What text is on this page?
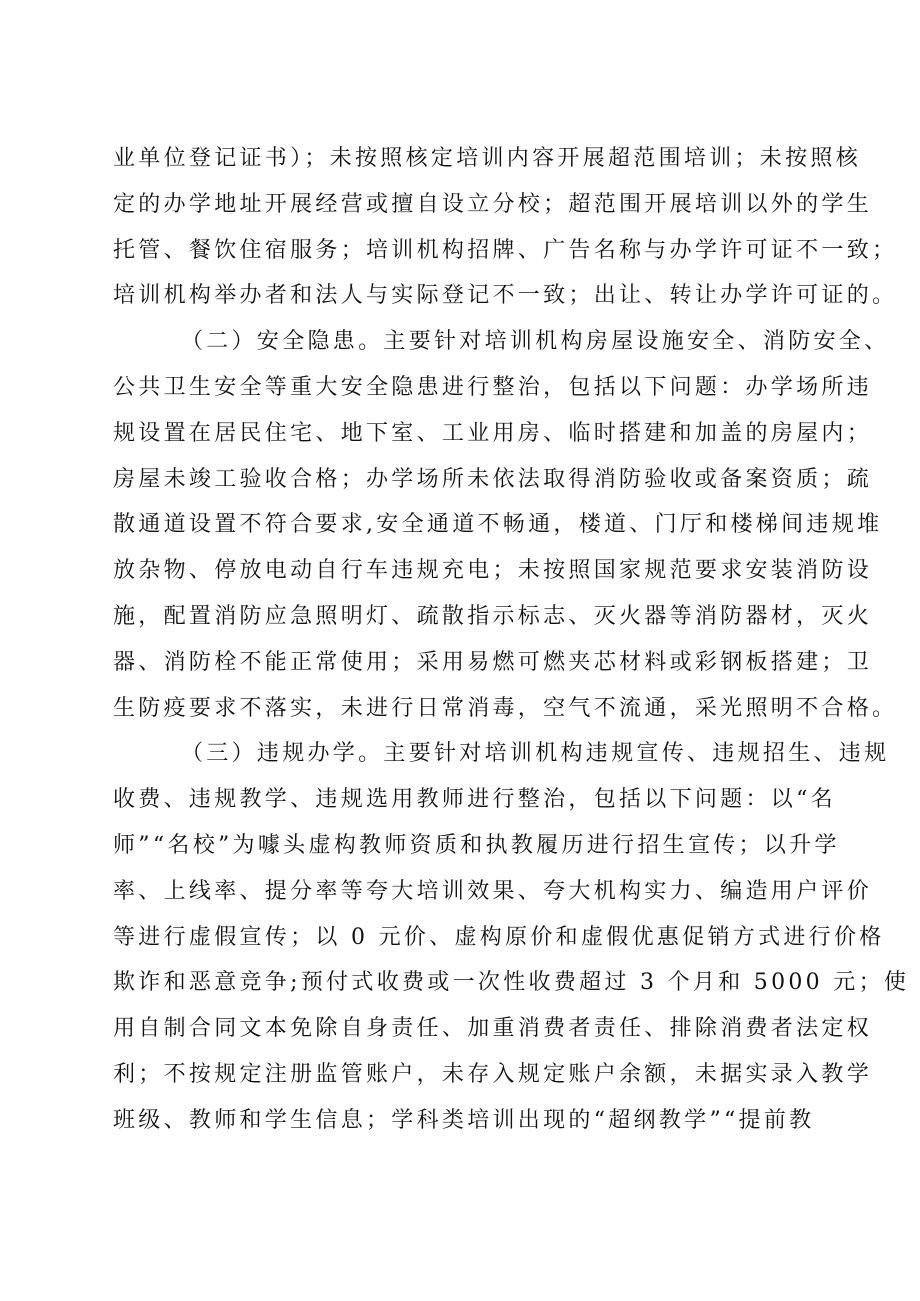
业单位登记证书）；未按照核定培训内容开展超范围培训；未按照核
定的办学地址开展经营或擅自设立分校；超范围开展培训以外的学生
托管、餐饮住宿服务；培训机构招牌、广告名称与办学许可证不一致；
培训机构举办者和法人与实际登记不一致；出让、转让办学许可证的。
（二）安全隐患。主要针对培训机构房屋设施安全、消防安全、
公共卫生安全等重大安全隐患进行整治，包括以下问题：办学场所违
规设置在居民住宅、地下室、工业用房、临时搭建和加盖的房屋内；
房屋未竣工验收合格；办学场所未依法取得消防验收或备案资质；疏
散通道设置不符合要求,安全通道不畅通，楼道、门厅和楼梯间违规堆
放杂物、停放电动自行车违规充电；未按照国家规范要求安装消防设
施，配置消防应急照明灯、疏散指示标志、灭火器等消防器材，灭火
器、消防栓不能正常使用；采用易燃可燃夹芯材料或彩钢板搭建；卫
生防疫要求不落实，未进行日常消毒，空气不流通，采光照明不合格。
（三）违规办学。主要针对培训机构违规宣传、违规招生、违规
收费、违规教学、违规选用教师进行整治，包括以下问题：以“名
师”“名校”为噱头虚构教师资质和执教履历进行招生宣传；以升学
率、上线率、提分率等夸大培训效果、夸大机构实力、编造用户评价
等进行虚假宣传；以 0 元价、虚构原价和虚假优惠促销方式进行价格
欺诈和恶意竞争;预付式收费或一次性收费超过 3 个月和 5000 元；使
用自制合同文本免除自身责任、加重消费者责任、排除消费者法定权
利；不按规定注册监管账户，未存入规定账户余额，未据实录入教学
班级、教师和学生信息；学科类培训出现的“超纲教学”“提前教
